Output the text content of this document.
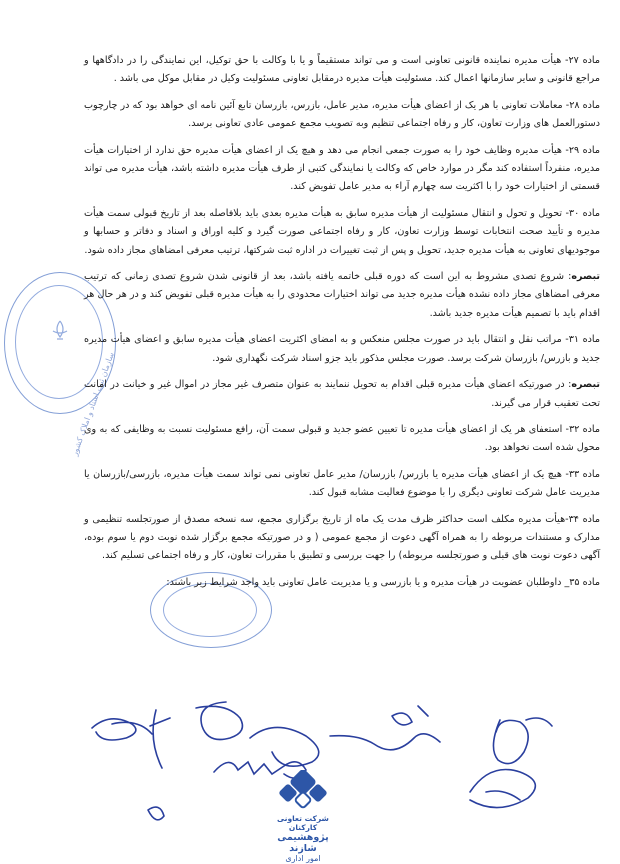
سازمان ثبت اسناد و املاک کشور

ماده ۲۷- هیأت مدیره نماینده قانونی تعاونی است و می تواند مستقیماً و یا با وکالت با حق توکیل، این نمایندگی را در دادگاهها و مراجع قانونی و سایر سازمانها اعمال کند. مسئولیت هیأت مدیره درمقابل تعاونی مسئولیت وکیل در مقابل موکل می باشد .

ماده ۲۸- معاملات تعاونی با هر یک از اعضای هیأت مدیره، مدیر عامل، بازرس، بازرسان تابع آئین نامه ای خواهد بود که در چارچوب دستورالعمل های وزارت تعاون، کار و رفاه اجتماعی تنظیم وبه تصویب مجمع عمومی عادی تعاونی برسد.

ماده ۲۹- هیأت مدیره وظایف خود را به صورت جمعی انجام می دهد و هیچ یک از اعضای هیأت مدیره حق ندارد از اختیارات هیأت مدیره، منفرداً استفاده کند مگر در موارد خاص که وکالت یا نمایندگی کتبی از طرف هیأت مدیره داشته باشد، هیأت مدیره می تواند قسمتی از اختیارات خود را با اکثریت سه چهارم آراء به مدیر عامل تفویض کند.

ماده ۳۰- تحویل و تحول و انتقال مسئولیت از هیأت مدیره سابق به هیأت مدیره بعدی باید بلافاصله بعد از تاریخ قبولی سمت هیأت مدیره و تأیید صحت انتخابات توسط وزارت تعاون، کار و رفاه اجتماعی صورت گیرد و کلیه اوراق و اسناد و دفاتر و حسابها و موجودیهای تعاونی به هیأت مدیره جدید، تحویل و پس از ثبت تغییرات در اداره ثبت شرکتها، ترتیب معرفی امضاهای مجاز داده شود.

تبصره: شروع تصدی مشروط به این است که دوره قبلی خاتمه یافته باشد، بعد از قانونی شدن شروع تصدی زمانی که ترتیب معرفی امضاهای مجاز داده نشده هیأت مدیره جدید می تواند اختیارات محدودی را به هیأت مدیره قبلی تفویض کند و در هر حال هر اقدام باید با تصمیم هیأت مدیره جدید باشد.

ماده ۳۱- مراتب نقل و انتقال باید در صورت مجلس منعکس و به امضای اکثریت اعضای هیأت مدیره سابق و اعضای هیأت مدیره جدید و بازرس/ بازرسان شرکت برسد. صورت مجلس مذکور باید جزو اسناد شرکت نگهداری شود.

تبصره: در صورتیکه اعضای هیأت مدیره قبلی اقدام به تحویل ننمایند به عنوان متصرف غیر مجاز در اموال غیر و خیانت در امانت تحت تعقیب قرار می گیرند.

ماده ۳۲- استعفای هر یک از اعضای هیأت مدیره تا تعیین عضو جدید و قبولی سمت آن، رافع مسئولیت نسبت به وظایفی که به وی محول شده است نخواهد بود.

ماده ۳۳- هیچ یک از اعضای هیأت مدیره یا بازرس/ بازرسان/ مدیر عامل تعاونی نمی تواند سمت هیأت مدیره، بازرسی/بازرسان یا مدیریت عامل شرکت تعاونی دیگری را با موضوع فعالیت مشابه قبول کند.

ماده ۳۴-هیأت مدیره مکلف است حداکثر ظرف مدت یک ماه از تاریخ برگزاری مجمع، سه نسخه مصدق از صورتجلسه تنظیمی و مدارک و مستندات مربوطه را به همراه آگهی دعوت از مجمع عمومی ( و در صورتیکه مجمع برگزار شده نوبت دوم یا سوم بوده، آگهی دعوت نوبت های قبلی و صورتجلسه مربوطه) را جهت بررسی و تطبیق با مقررات تعاون، کار و رفاه اجتماعی تسلیم کند.

ماده ۳۵_ داوطلبان عضویت در هیأت مدیره و یا بازرسی و یا مدیریت عامل تعاونی باید واجد شرایط زیر باشند:

شرکت تعاونی کارکنان
پژوهشیمی شازند
امور اداری
